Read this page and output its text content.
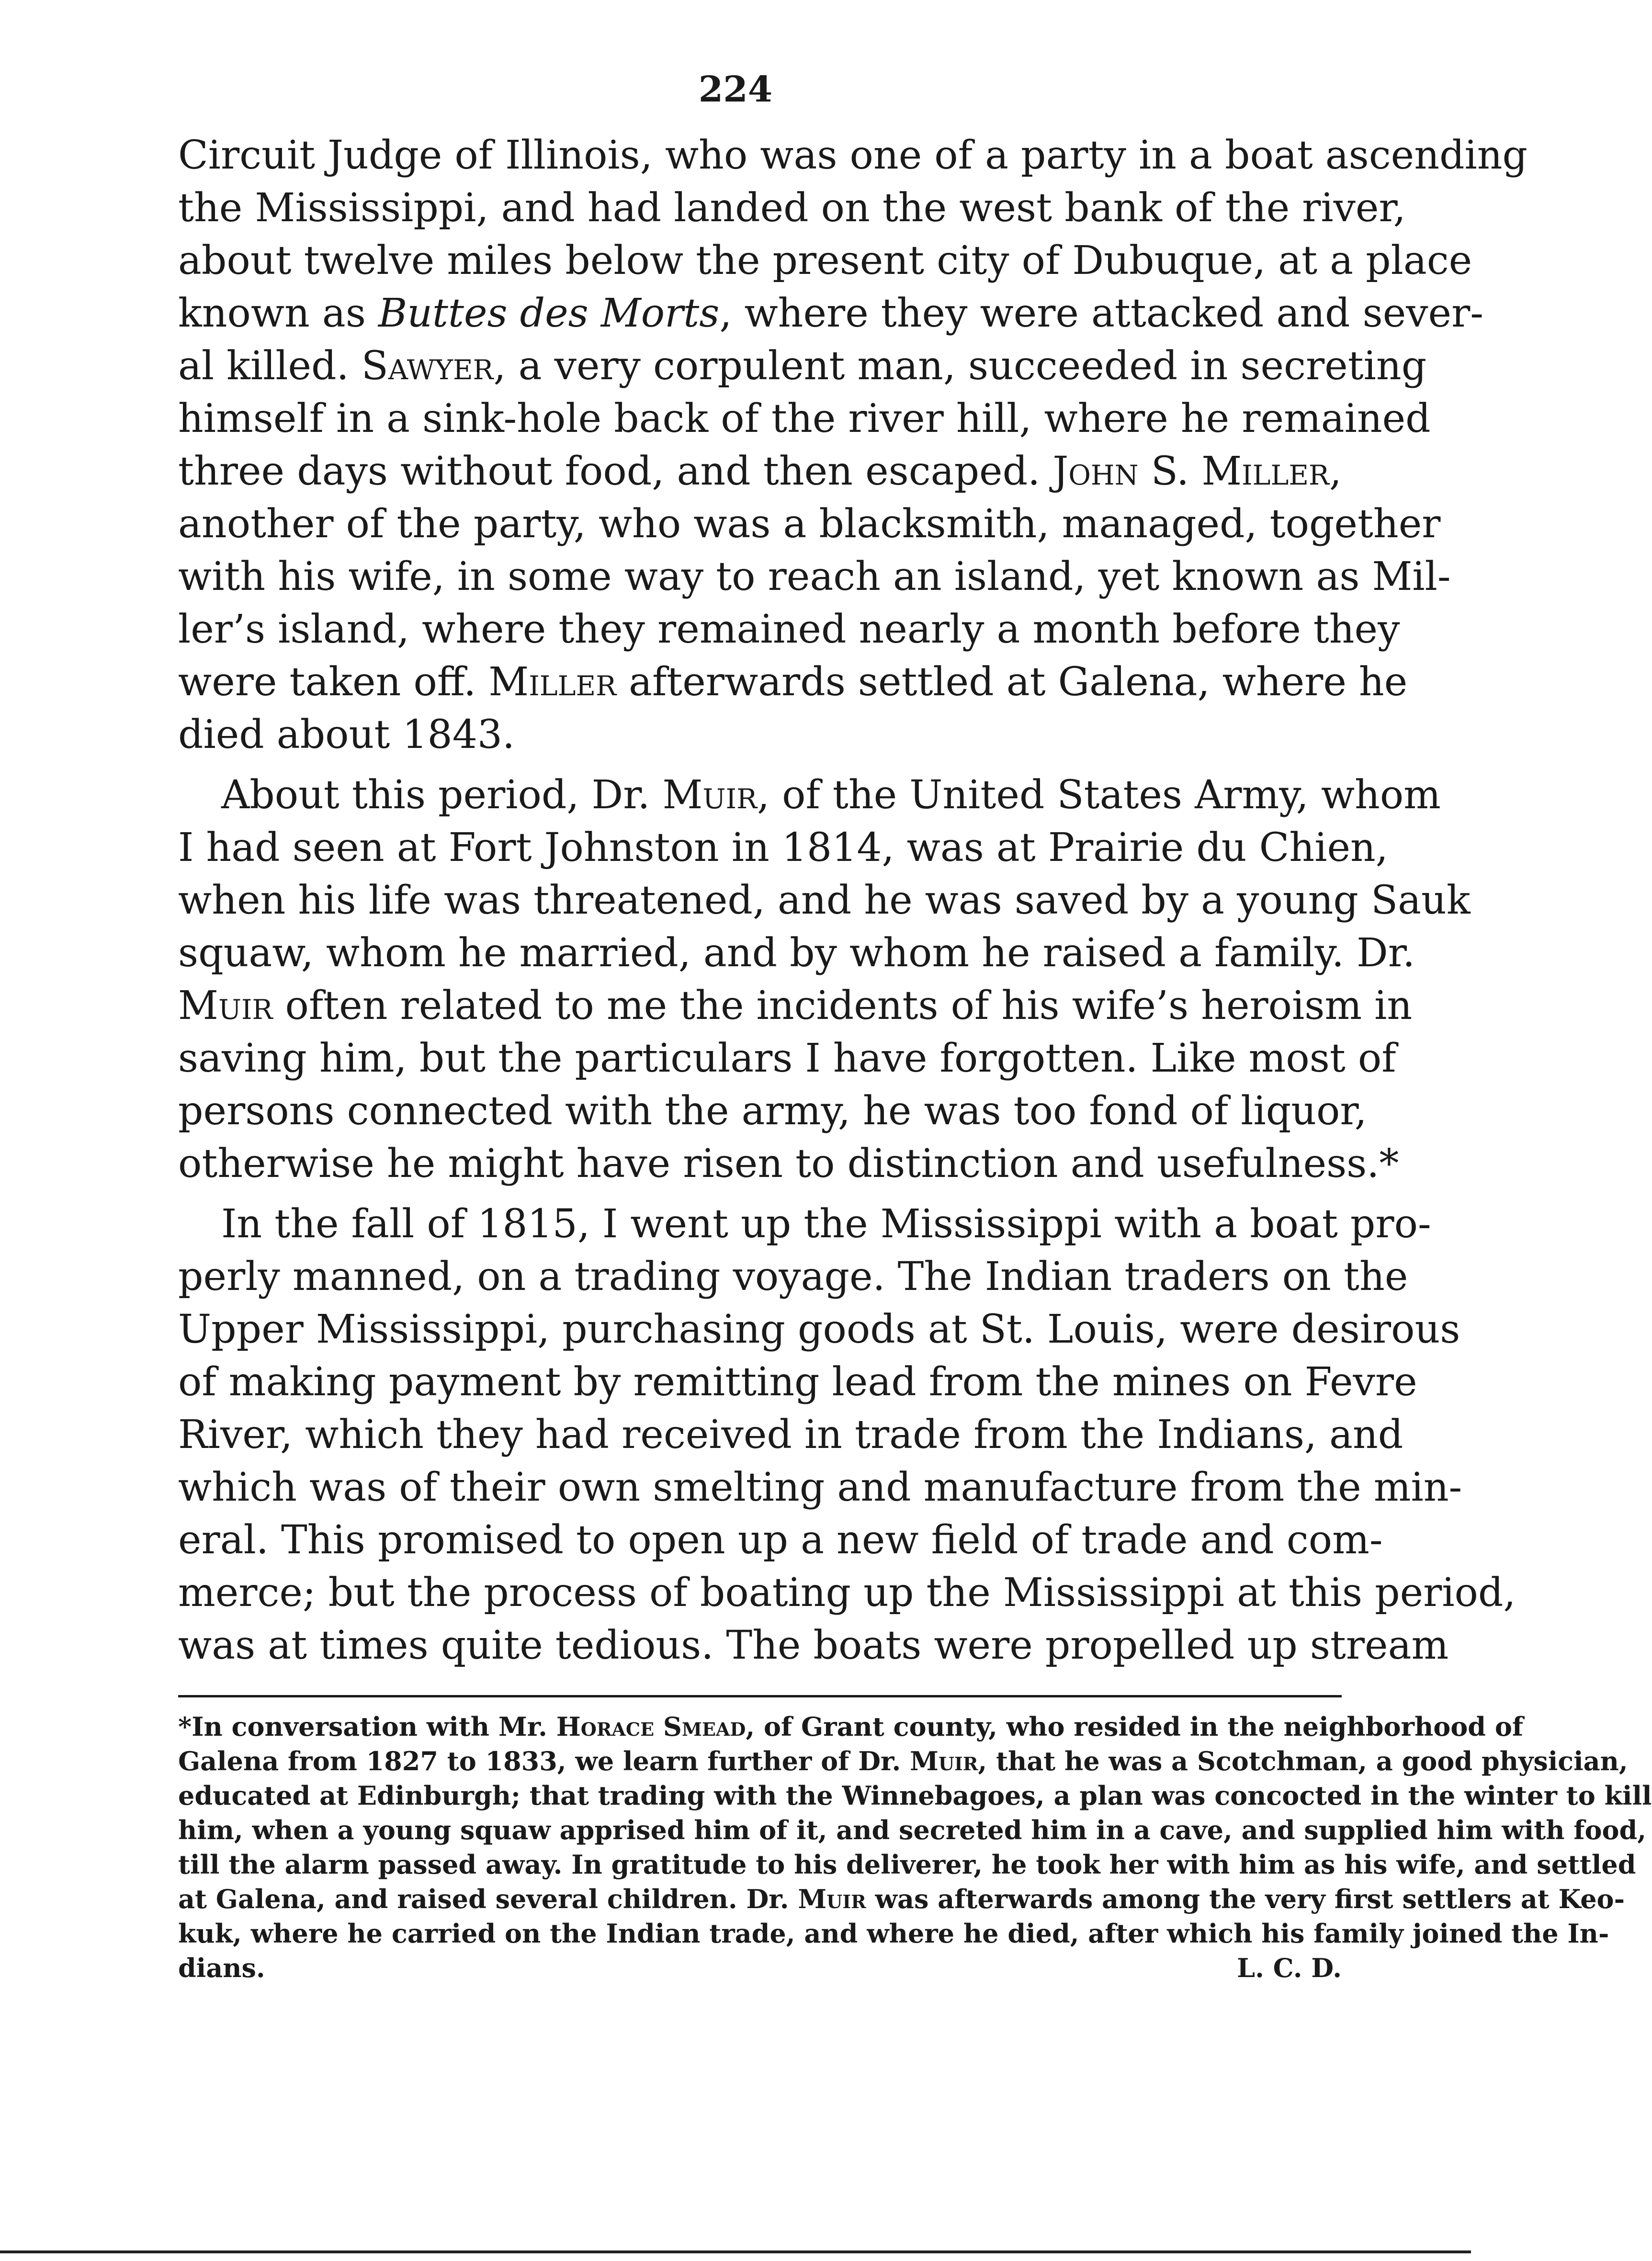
224
Circuit Judge of Illinois, who was one of a party in a boat ascending
the Mississippi, and had landed on the west bank of the river,
about twelve miles below the present city of Dubuque, at a place
known as Buttes des Morts, where they were attacked and sever-
al killed. Sawyer, a very corpulent man, succeeded in secreting
himself in a sink-hole back of the river hill, where he remained
three days without food, and then escaped. John S. Miller,
another of the party, who was a blacksmith, managed, together
with his wife, in some way to reach an island, yet known as Mil-
ler’s island, where they remained nearly a month before they
were taken off. Miller afterwards settled at Galena, where he
died about 1843.
About this period, Dr. Muir, of the United States Army, whom
I had seen at Fort Johnston in 1814, was at Prairie du Chien,
when his life was threatened, and he was saved by a young Sauk
squaw, whom he married, and by whom he raised a family. Dr.
Muir often related to me the incidents of his wife’s heroism in
saving him, but the particulars I have forgotten. Like most of
persons connected with the army, he was too fond of liquor,
otherwise he might have risen to distinction and usefulness.*
In the fall of 1815, I went up the Mississippi with a boat pro-
perly manned, on a trading voyage. The Indian traders on the
Upper Mississippi, purchasing goods at St. Louis, were desirous
of making payment by remitting lead from the mines on Fevre
River, which they had received in trade from the Indians, and
which was of their own smelting and manufacture from the min-
eral. This promised to open up a new field of trade and com-
merce; but the process of boating up the Mississippi at this period,
was at times quite tedious. The boats were propelled up stream
*In conversation with Mr. Horace Smead, of Grant county, who resided in the neighborhood of
Galena from 1827 to 1833, we learn further of Dr. Muir, that he was a Scotchman, a good physician,
educated at Edinburgh; that trading with the Winnebagoes, a plan was concocted in the winter to kill
him, when a young squaw apprised him of it, and secreted him in a cave, and supplied him with food,
till the alarm passed away. In gratitude to his deliverer, he took her with him as his wife, and settled
at Galena, and raised several children. Dr. Muir was afterwards among the very first settlers at Keo-
kuk, where he carried on the Indian trade, and where he died, after which his family joined the In-
dians.	L. C. D.
